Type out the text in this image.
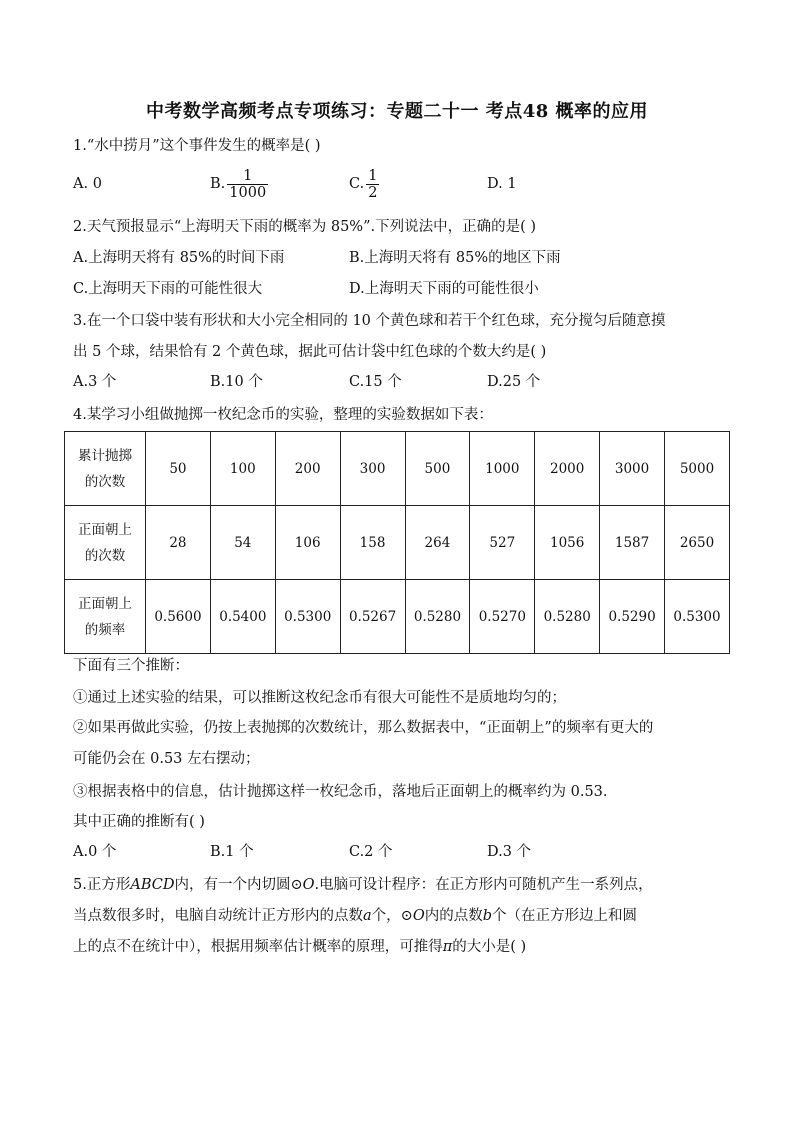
中考数学高频考点专项练习：专题二十一 考点48 概率的应用
1.“水中捞月”这个事件发生的概率是( )
A. 0	B. $\frac{1}{1000}$	C. $\frac{1}{2}$	D. 1
2.天气预报显示“上海明天下雨的概率为 85%”.下列说法中，正确的是( )
A.上海明天将有 85%的时间下雨	B.上海明天将有 85%的地区下雨
C.上海明天下雨的可能性很大	D.上海明天下雨的可能性很小
3.在一个口袋中装有形状和大小完全相同的 10 个黄色球和若干个红色球，充分搅匀后随意摸
出 5 个球，结果恰有 2 个黄色球，据此可估计袋中红色球的个数大约是( )
A.3 个	B.10 个	C.15 个	D.25 个
4.某学习小组做抛掷一枚纪念币的实验，整理的实验数据如下表：
累计抛掷
的次数	50	100	200	300	500	1000	2000	3000	5000
正面朝上
的次数	28	54	106	158	264	527	1056	1587	2650
正面朝上
的频率	0.5600	0.5400	0.5300	0.5267	0.5280	0.5270	0.5280	0.5290	0.5300
下面有三个推断：
①通过上述实验的结果，可以推断这枚纪念币有很大可能性不是质地均匀的；
②如果再做此实验，仍按上表抛掷的次数统计，那么数据表中，“正面朝上”的频率有更大的
可能仍会在 0.53 左右摆动；
③根据表格中的信息，估计抛掷这样一枚纪念币，落地后正面朝上的概率约为 0.53.
其中正确的推断有( )
A.0 个	B.1 个	C.2 个	D.3 个
5.正方形ABCD内，有一个内切圆⊙O.电脑可设计程序：在正方形内可随机产生一系列点，
当点数很多时，电脑自动统计正方形内的点数a个，⊙O内的点数b个（在正方形边上和圆
上的点不在统计中），根据用频率估计概率的原理，可推得π的大小是( )
